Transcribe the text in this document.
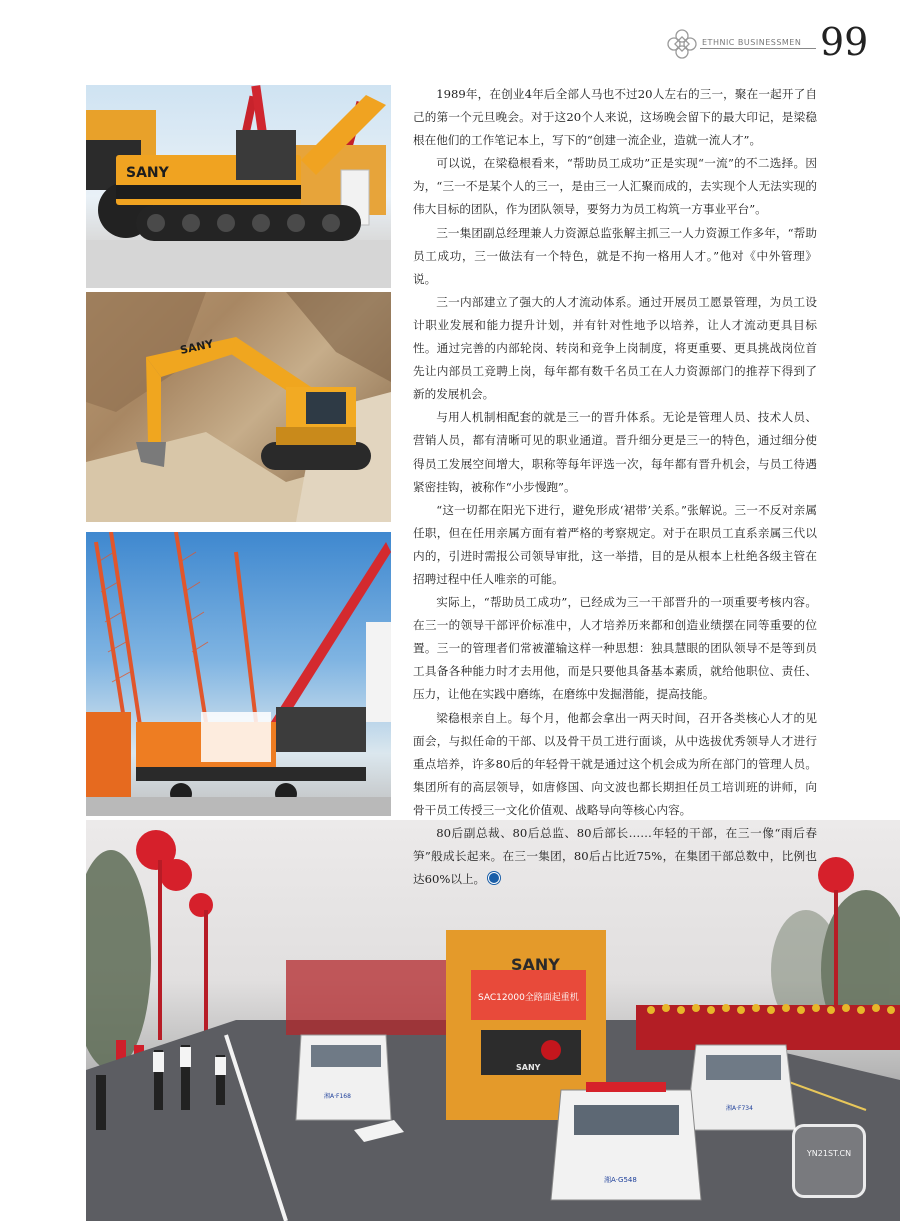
ETHNIC BUSINESSMEN 99
SANY
SANY
SAC12000全路面起重机
SANY
SANY
湘A·F168
湘A·F734
湘A·G548

1989年，在创业4年后全部人马也不过20人左右的三一，聚在一起开了自己的第一个元旦晚会。对于这20个人来说，这场晚会留下的最大印记，是梁稳根在他们的工作笔记本上，写下的“创建一流企业，造就一流人才”。

可以说，在梁稳根看来，“帮助员工成功”正是实现“一流”的不二选择。因为，“三一不是某个人的三一，是由三一人汇聚而成的，去实现个人无法实现的伟大目标的团队，作为团队领导，要努力为员工构筑一方事业平台”。

三一集团副总经理兼人力资源总监张解主抓三一人力资源工作多年，“帮助员工成功，三一做法有一个特色，就是不拘一格用人才。”他对《中外管理》说。

三一内部建立了强大的人才流动体系。通过开展员工愿景管理，为员工设计职业发展和能力提升计划，并有针对性地予以培养，让人才流动更具目标性。通过完善的内部轮岗、转岗和竞争上岗制度，将更重要、更具挑战岗位首先让内部员工竞聘上岗，每年都有数千名员工在人力资源部门的推荐下得到了新的发展机会。

与用人机制相配套的就是三一的晋升体系。无论是管理人员、技术人员、营销人员，都有清晰可见的职业通道。晋升细分更是三一的特色，通过细分使得员工发展空间增大，职称等每年评选一次，每年都有晋升机会，与员工待遇紧密挂钩，被称作“小步慢跑”。

“这一切都在阳光下进行，避免形成‘裙带’关系。”张解说。三一不反对亲属任职，但在任用亲属方面有着严格的考察规定。对于在职员工直系亲属三代以内的，引进时需报公司领导审批，这一举措，目的是从根本上杜绝各级主管在招聘过程中任人唯亲的可能。

实际上，“帮助员工成功”，已经成为三一干部晋升的一项重要考核内容。在三一的领导干部评价标准中，人才培养历来都和创造业绩摆在同等重要的位置。三一的管理者们常被灌输这样一种思想：独具慧眼的团队领导不是等到员工具备各种能力时才去用他，而是只要他具备基本素质，就给他职位、责任、压力，让他在实践中磨练，在磨练中发掘潜能，提高技能。

梁稳根亲自上。每个月，他都会拿出一两天时间，召开各类核心人才的见面会，与拟任命的干部、以及骨干员工进行面谈，从中选拔优秀领导人才进行重点培养，许多80后的年轻骨干就是通过这个机会成为所在部门的管理人员。集团所有的高层领导，如唐修国、向文波也都长期担任员工培训班的讲师，向骨干员工传授三一文化价值观、战略导向等核心内容。

80后副总裁、80后总监、80后部长……年轻的干部，在三一像“雨后春笋”般成长起来。在三一集团，80后占比近75%，在集团干部总数中，比例也达60%以上。

YN21ST.CN
